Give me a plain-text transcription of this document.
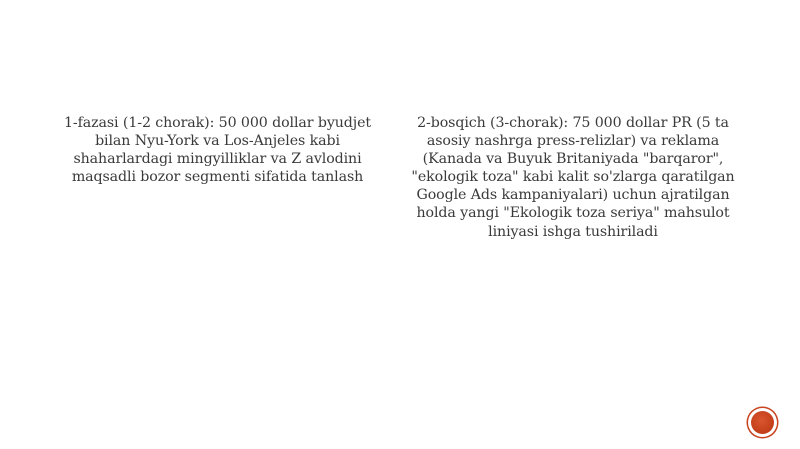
1-fazasi (1-2 chorak): 50 000 dollar byudjet bilan Nyu-York va Los-Anjeles kabi shaharlardagi mingyilliklar va Z avlodini maqsadli bozor segmenti sifatida tanlash
2-bosqich (3-chorak): 75 000 dollar PR (5 ta asosiy nashrga press-relizlar) va reklama (Kanada va Buyuk Britaniyada "barqaror", "ekologik toza" kabi kalit so'zlarga qaratilgan Google Ads kampaniyalari) uchun ajratilgan holda yangi "Ekologik toza seriya" mahsulot liniyasi ishga tushiriladi
